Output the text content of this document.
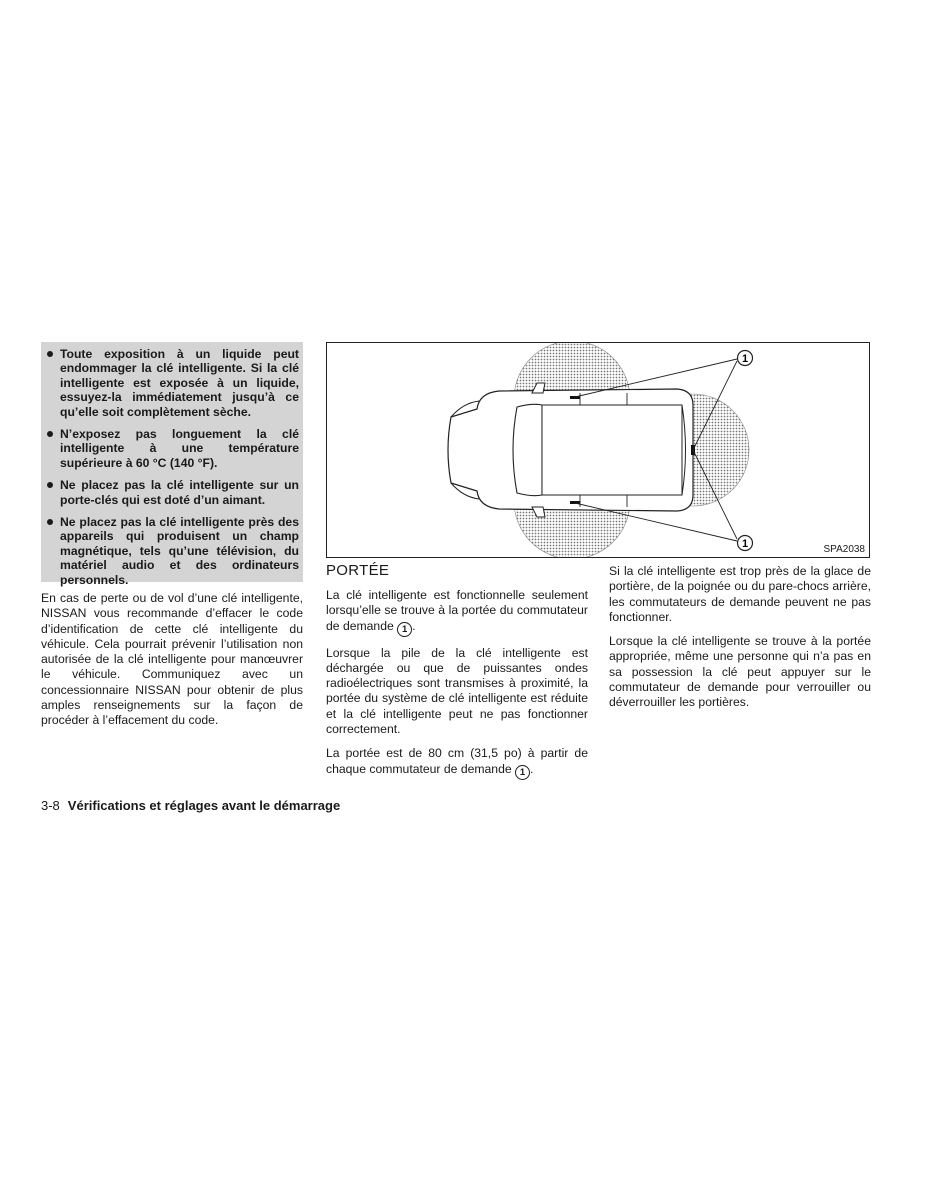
Toute exposition à un liquide peut endommager la clé intelligente. Si la clé intelligente est exposée à un liquide, essuyez-la immédiatement jusqu’à ce qu’elle soit complètement sèche.
N’exposez pas longuement la clé intelligente à une température supérieure à 60 °C (140 °F).
Ne placez pas la clé intelligente sur un porte-clés qui est doté d’un aimant.
Ne placez pas la clé intelligente près des appareils qui produisent un champ magnétique, tels qu’une télévision, du matériel audio et des ordinateurs personnels.

En cas de perte ou de vol d’une clé intelligente, NISSAN vous recommande d’effacer le code d’identification de cette clé intelligente du véhicule. Cela pourrait prévenir l’utilisation non autorisée de la clé intelligente pour manœuvrer le véhicule. Communiquez avec un concessionnaire NISSAN pour obtenir de plus amples renseignements sur la façon de procéder à l’effacement du code.

1
1	SPA2038
PORTÉE

La clé intelligente est fonctionnelle seulement lorsqu’elle se trouve à la portée du commutateur de demande 1 .

Lorsque la pile de la clé intelligente est déchargée ou que de puissantes ondes radioélectriques sont transmises à proximité, la portée du système de clé intelligente est réduite et la clé intelligente peut ne pas fonctionner correctement.

La portée est de 80 cm (31,5 po) à partir de chaque commutateur de demande 1 .

Si la clé intelligente est trop près de la glace de portière, de la poignée ou du pare-chocs arrière, les commutateurs de demande peuvent ne pas fonctionner.

Lorsque la clé intelligente se trouve à la portée appropriée, même une personne qui n’a pas en sa possession la clé peut appuyer sur le commutateur de demande pour verrouiller ou déverrouiller les portières.

3-8 Vérifications et réglages avant le démarrage
